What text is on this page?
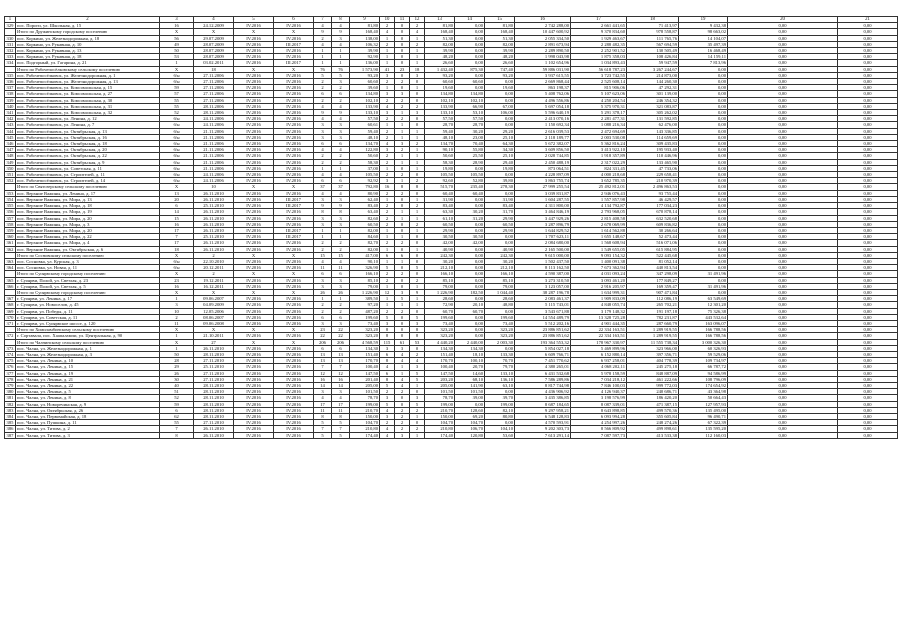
1	2	3	4	5	6	7	8	9	10	11	12	13	14	15	16	17	18	19	20	21
329	пос. Пороги, ул. Школьная, д. 15	16	24.12.2009	IV.2016	IV.2016	4	4	81,80	2	0	2	81,80	0,00	81,80	2 742 288,00	2 661 441,65	71 413,97	9 432,38	0,00	0,00
	Итого по Дружинскому городскому поселению	X	X	X	X	9	9	168,40	4	0	4	168,40	0,00	168,40	10 447 600,92	9 370 834,60	978 558,87	98 663,02	0,00	0,00
330	пос. Коркино, ул. Железнодорожная, д. 18	56	29.07.2009	IV.2016	IV.2016	2	3	138,00	1	0	1	51,30	0,00	51,30	2 055 334,50	1 929 463,67	111 765,76	14 104,07	0,00	0,00
331	пос. Коркино, ул. Рукавная, д. 10	49	28.07.2009	IV.2016	III.2017	4	4	106,32	2	0	2	82,00	0,00	82,00	2 891 673,94	2 288 482,35	567 694,59	35 497,39	0,00	0,00
332	пос. Коркино, ул. Рукавная, д. 13	50	28.07.2009	IV.2016	IV.2016	1	1	39,90	1	0	1	39,90	0,00	39,90	2 289 890,50	2 252 901,52	130 505,49	16 468,49	0,00	0,00
333	пос. Коркино, ул. Рукавная, д. 18	53	28.07.2009	IV.2016	IV.2016	1	1	92,90	1	0	1	48,20	0,00	48,20	1 998 043,98	1 875 358,03	108 426,84	14 159,11	0,00	0,00
334	пос. Подгорный, ул. Гагарина, д. 21	1	03.02.2011	IV.2016	III.2017	1	1	136,00	1	0	1	26,60	0,00	26,60	1 102 654,96	1 034 893,43	59 947,59	7 813,96	0,00	0,00
	Итого по Рабочепосёлковскому сельскому поселению	X	18	X	X	76	76	1 573,90	41	23	18	1 432,40	875,30	747,40	59 886 031,90	56 618 787,23	3 267 244,67	0,00	0,00	0,00
335	пос. Рабочепосёлковск, ул. Железнодорожная, д. 1	б/н	27.11.2006	IV.2016	IV.2016	5	5	93,20	3	0	3	93,20	0,00	93,20	3 937 615,55	3 723 742,55	214 873,00	0,00	0,00	0,00
336	пос. Рабочепосёлковск, ул. Железнодорожная, д. 13	б/н	27.11.2006	IV.2016	IV.2016	2	3	60,60	2	2	0	60,60	60,60	0,00	2 669 868,44	2 525 608,14	144 260,30	0,00	0,00	0,00
337	пос. Рабочепосёлковск, ул. Комсомольская, д. 15	59	27.11.2006	IV.2016	IV.2016	2	2	39,60	1	0	1	19,60	0,00	19,60	863 198,37	815 906,06	47 292,31	0,00	0,00	0,00
338	пос. Рабочепосёлковск, ул. Комсомольская, д. 27	57	27.11.2006	IV.2016	IV.2016	6	6	134,80	3	3	0	134,80	134,80	0,00	5 408 762,06	5 107 623,06	301 139,00	0,00	0,00	0,00
339	пос. Рабочепосёлковск, ул. Комсомольская, д. 30	55	27.11.2006	IV.2016	IV.2016	2	2	102,10	2	2	0	102,10	102,10	0,00	4 496 556,86	4 250 204,54	246 354,32	0,00	0,00	0,00
340	пос. Рабочепосёлковск, ул. Комсомольская, д. 31	55	28.11.2006	IV.2016	IV.2016	4	4	133,90	4	2	2	133,90	66,90	67,00	5 697 054,18	5 375 970,31	321 083,87	0,00	0,00	0,00
341	пос. Рабочепосёлковск, ул. Комсомольская, д. 32	52	28.11.2006	IV.2016	IV.2016	9	9	133,10	3	1	3	133,10	53,10	106,00	5 596 640,19	5 291 378,17	305 262,02	0,00	0,00	0,00
342	пос. Рабочепосёлковск, ул. Ленина, д. 12	б/н	24.11.2006	IV.2016	IV.2016	4	4	57,50	2	2	0	57,50	57,50	0,00	2 413 070,16	2 281 477,31	131 592,85	0,00	0,00	0,00
343	пос. Рабочепосёлковск, ул. Ленина, д. 7	б/н	24.11.2006	IV.2016	IV.2016	3	3	60,61	1	1	0	28,70	28,70	0,00	1 150 692,34	1 088 216,34	62 476,00	0,00	0,00	0,00
344	пос. Рабочепосёлковск, ул. Октябрьская, д. 13	б/н	21.11.2006	IV.2016	IV.2016	3	3	59,40	2	1	1	59,40	30,20	29,20	2 616 039,53	2 472 694,69	143 336,85	0,00	0,00	0,00
345	пос. Рабочепосёлковск, ул. Октябрьская, д. 16	б/н	21.11.2006	IV.2016	IV.2016	3	3	48,10	2	1	1	48,10	23,00	25,10	2 118 189,77	2 003 530,08	114 659,69	0,00	0,00	0,00
346	пос. Рабочепосёлковск, ул. Октябрьская, д. 18	б/н	21.11.2006	IV.2016	IV.2016	6	6	134,70	4	3	2	134,70	70,40	64,30	5 672 382,07	5 362 816,24	309 435,83	0,00	0,00	0,00
347	пос. Рабочепосёлковск, ул. Октябрьская, д. 20	б/н	21.11.2006	IV.2016	IV.2016	4	4	122,80	3	2	1	90,10	55,80	34,30	3 609 856,50	3 413 922,10	195 933,40	0,00	0,00	0,00
348	пос. Рабочепосёлковск, ул. Октябрьская, д. 22	б/н	21.11.2006	IV.2016	IV.2016	2	2	50,60	2	1	1	50,60	25,50	25,10	2 028 744,85	1 918 357,89	110 446,96	0,00	0,00	0,00
349	пос. Рабочепосёлковск, ул. Октябрьская, д. 9	б/н	21.11.2006	IV.2016	IV.2016	2	2	58,30	2	1	1	58,30	28,90	29,40	2 450 488,19	2 317 022,29	133 465,90	0,00	0,00	0,00
350	пос. Рабочепосёлковск, ул. Советская, д. 11	б/н	21.11.2006	IV.2016	IV.2016	1	1	37,00	1	0	1	19,80	0,00	19,80	873 064,51	824 331,45	47 733,06	0,00	0,00	0,00
351	пос. Рабочепосёлковск, ул. Строителей, д. 11	б/н	24.11.2006	IV.2016	IV.2016	4	4	105,50	2	2	0	105,50	105,50	0,00	4 228 897,09	4 000 218,68	229 658,41	0,00	0,00	0,00
352	пос. Рабочепосёлковск, ул. Строителей, д. 14	б/н	24.11.2006	IV.2016	IV.2016	6	6	92,92	3	1	2	92,60	52,80	39,80	3 863 755,74	3 652 785,35	210 970,39	0,00	0,00	0,00
	Итого по Святозерскому сельскому поселению	X	10	X	X	37	37	792,80	16	8	8	515,70	235,40	278,30	27 999 255,54	25 492 812,01	2 496 863,53	0,00	0,00	0,00
353	пос. Верхние Важины, ул. Ленина, д. 17	13	26.11.2010	IV.2016	IV.2016	4	4	80,90	2	2	0	60,40	60,40	0,00	3 039 831,87	2 946 076,43	93 755,44	0,00	0,00	0,00
354	пос. Верхние Важины, ул. Мира, д. 13	20	26.11.2010	IV.2016	III.2017	3	3	62,40	1	0	1	31,90	0,00	31,90	1 604 287,55	1 557 857,98	46 429,57	0,00	0,00	0,00
355	пос. Верхние Важины, ул. Мира, д. 18	6	25.11.2010	IV.2016	III.2017	9	9	83,40	2	0	2	83,40	0,00	83,40	4 311 800,00	4 134 792,87	177 034,23	0,00	0,00	0,00
356	пос. Верхние Важины, ул. Мира, д. 19	14	26.11.2010	IV.2016	IV.2016	8	8	63,40	2	1	1	63,30	30,20	31,70	3 464 846,19	2 793 968,05	670 878,14	0,00	0,00	0,00
357	пос. Верхние Важины, ул. Мира, д. 20	15	26.11.2010	IV.2016	IV.2016	3	3	82,60	2	1	1	61,10	31,20	29,90	3 447 929,26	2 815 408,58	632 520,68	0,00	0,00	0,00
358	пос. Верхние Важины, ул. Мира, д. 3	16	26.11.2010	IV.2016	IV.2016	3	3	60,50	2	0	2	60,50	0,00	60,50	3 287 896,79	2 678 069,99	609 836,82	0,00	0,00	0,00
359	пос. Верхние Важины, ул. Мира, д. 20	17	26.11.2010	IV.2016	III.2017	1	1	82,00	1	0	1	29,90	0,00	29,90	1 644 829,52	1 614 562,88	30 266,64	0,00	0,00	0,00
360	пос. Верхние Важины, ул. Мира, д. 22	7	25.11.2010	IV.2016	III.2017	1	1	84,60	1	1	0	30,50	30,50	0,00	1 707 623,11	1 655 148,67	52 473,44	0,00	0,00	0,00
361	пос. Верхние Важины, ул. Мира, д. 4	17	26.11.2010	IV.2016	IV.2016	2	2	82,70	2	2	0	42,00	42,00	0,00	2 084 680,00	1 568 608,94	516 071,06	0,00	0,00	0,00
362	пос. Верхние Важины, ул. Октябрьская, д. 6	18	26.11.2010	IV.2016	IV.2016	2	2	82,00	1	0	1	40,90	0,00	40,90	2 165 500,00	1 549 655,05	615 884,95	0,00	0,00	0,00
	Итого по Сосновскому сельскому поселению	X	2	X	X	15	15	417,00	6	6	0	242,30	0,00	242,30	9 615 000,00	9 093 154,32	522 445,68	0,00	0,00	0,00
363	пос. Сосновка, ул. Курская, д. 3	б/н	22.10.2010	IV.2016	IV.2016	4	4	90,10	1	1	0	30,20	0,00	30,20	1 502 437,50	1 400 091,38	81 052,14	0,00	0,00	0,00
364	пос. Сосновка, ул. Новая, д. 11	б/н	20.12.2011	IV.2016	IV.2016	11	11	326,90	5	0	5	212,10	0,00	212,10	8 113 162,50	7 673 362,94	440 813,54	0,00	0,00	0,00
	Итого по Суоярвскому городскому поселению	X	2	X	X	6	6	166,10	2	2	0	166,10	0,00	166,10	4 590 387,00	4 031 093,24	347 298,09	31 491,96	0,00	0,00
365	г. Суоярви, Полой, ул. Светлая, д. 23	23	19.12.2011	IV.2016	IV.2016	3	3	85,10	2	0	2	85,10	0,00	85,10	3 273 310,50	3 093 461,20	177 849,27	0,00	0,00	0,00
366	г. Суоярви, Полой, ул. Светлая, д. 5	16	16.12.2011	IV.2016	IV.2016	3	3	79,00	1	0	1	79,00	0,00	79,00	3 123 057,00	2 916 205,97	169 359,47	31 491,96	0,00	0,00
	Итого по Суоярвскому городскому поселению	X	X	X	X	26	26	1 226,90	12	3	9	1 226,90	182,50	1 044,40	38 287 196,78	1 634 999,31	907 471,84	0,00	0,00	0,00
367	г. Суоярви, ул. Ленина, д. 17	1	09.06.2007	IV.2016	IV.2016	1	1	389,50	1	5	1	28,60	0,00	28,60	2 083 461,37	1 909 833,09	112 086,19	63 549,69	0,00	0,00
368	г. Суоярви, ул. Новоселов, д. 45	3	04.09.2009	IV.2016	IV.2016	2	2	97,20	1	1	1	72,90	20,10	48,80	5 115 743,01	4 848 055,74	265 702,21	12 301,20	0,00	0,00
369	г. Суоярви, ул. Победы, д. 11	10	12.05.2006	IV.2016	IV.2016	2	2	487,20	2	2	0	60,70	60,70	0,00	3 543 671,88	3 179 148,32	191 197,18	75 326,38	0,00	0,00
370	г. Суоярви, ул. Советская, д. 11	2	08.06.2007	IV.2016	IV.2016	6	6	199,60	5	0	5	199,60	0,00	199,60	14 554 489,79	13 328 725,28	782 231,87	443 532,64	0,00	0,00
371	г. Суоярви, ул. Суоярвское шоссе, д. 120	11	09.06.2008	IV.2016	IV.2016	3	3	73,40	3	0	3	73,40	0,00	73,40	5 512 202,16	4 901 444,35	287 660,79	163 096,07	0,00	0,00
	Итого по Хомиламбинскому сельскому поселению	X	X	X	X	23	22	323,20	8	0	8	323,20	0,00	323,20	23 886 851,62	22 334 163,51	1 289 919,55	166 788,56	0,00	0,00
372	г. Сортавала, пос. Хаапалампи, ул. Центральная, д. 90	1	21.10.2011	IV.2016	IV.2016	22	22	323,20	8	0	8	323,20	0,00	323,20	23 886 851,62	22 334 163,51	1 289 919,55	166 788,56	0,00	0,00
	Итого по Чалнинскому сельскому поселению	X	27	X	X	206	206	4 568,59	115	61	53	4 440,20	2 440,00	2 003,30	193 364 553,32	178 967 330,97	11 555 738,34	3 000 326,30	0,00	0,00
373	пос. Чална, ул. Железнодорожная, д. 1	1	26.11.2010	IV.2016	IV.2016	6	6	134,30	3	3	0	134,30	134,30	0,00	5 854 027,18	5 469 899,96	323 966,00	60 326,93	0,00	0,00
374	пос. Чална, ул. Железнодорожная, д. 3	50	28.11.2010	IV.2016	IV.2016	13	13	151,40	6	4	2	151,40	18,10	133,30	6 609 766,71	6 152 880,14	397 356,71	59 529,06	0,00	0,00
375	пос. Чална, ул. Ленина, д. 10	28	27.11.2010	IV.2016	IV.2016	13	13	170,70	8	4	4	170,70	100,10	70,70	7 451 770,62	6 937 258,01	404 778,39	109 734,97	0,00	0,00
376	пос. Чална, ул. Ленина, д. 15	29	25.11.2010	IV.2016	IV.2016	7	7	100,40	4	1	3	100,40	20,70	79,70	4 380 265,01	4 068 202,11	245 275,18	66 787,72	0,00	0,00
377	пос. Чална, ул. Ленина, д. 19	26	27.11.2010	IV.2016	IV.2016	12	12	147,50	6	1	5	147,50	14,60	133,10	6 431 532,68	5 978 158,59	848 887,09	94 586,99	0,00	0,00
378	пос. Чална, ул. Ленина, д. 21	30	27.11.2010	IV.2016	IV.2016	16	16	201,40	8	4	5	203,20	68,10	136,10	7 586 289,86	7 034 218,12	461 222,66	108 796,09	0,00	0,00
379	пос. Чална, ул. Ленина, д. 22	40	28.11.2010	IV.2016	IV.2016	14	14	205,00	5	4	1	205,00	141,90	63,10	8 817 744,98	7 846 100,03	999 772,03	174 654,92	0,00	0,00
380	пос. Чална, ул. Ленина, д. 5	51	28.11.2010	IV.2016	IV.2016	3	3	101,50	2	2	0	101,50	101,50	0,00	4 436 906,92	4 126 940,37	240 686,71	43 364,98	0,00	0,00
381	пос. Чална, ул. Ленина, д. 8	52	28.11.2010	IV.2016	IV.2016	4	4	78,70	3	0	3	78,70	39,00	39,70	3 435 386,85	3 198 576,99	186 420,20	50 664,43	0,00	0,00
382	пос. Чална, ул. Новоречинская, д. 9	59	28.11.2010	IV.2016	IV.2016	17	17	199,00	5	0	5	199,00	0,00	199,00	8 687 184,65	8 087 339,01	471 387,15	127 957,93	0,00	0,00
383	пос. Чална, ул. Октябрьская, д. 26	6	28.11.2010	IV.2016	IV.2016	11	11	210,70	4	2	2	210,70	128,60	82,10	9 297 958,21	8 643 898,85	499 570,36	135 495,00	0,00	0,00
384	пос. Чална, ул. Первомайская, д. 18	62	28.11.2010	IV.2016	IV.2016	8	8	150,00	3	2	1	150,00	69,20	80,80	6 548 128,83	6 093 994,28	355 605,84	96 490,71	0,00	0,00
385	пос. Чална, ул. Пушкина, д. 11	55	27.11.2010	IV.2016	IV.2016	5	5	104,70	2	2	0	104,70	104,70	0,00	4 570 593,91	4 254 997,26	248 274,26	67 322,39	0,00	0,00
386	пос. Чална, ул. Титова, д. 2	7	26.11.2010	IV.2016	IV.2016	7	7	210,80	4	2	2	210,80	106,70	104,10	9 202 303,73	8 566 809,92	499 898,61	135 595,20	0,00	0,00
387	пос. Чална, ул. Титова, д. 3	8	26.11.2010	IV.2016	IV.2016	5	5	174,40	4	3	1	174,40	120,80	53,60	7 613 291,14	7 087 597,73	413 533,38	112 160,03	0,00	0,00
